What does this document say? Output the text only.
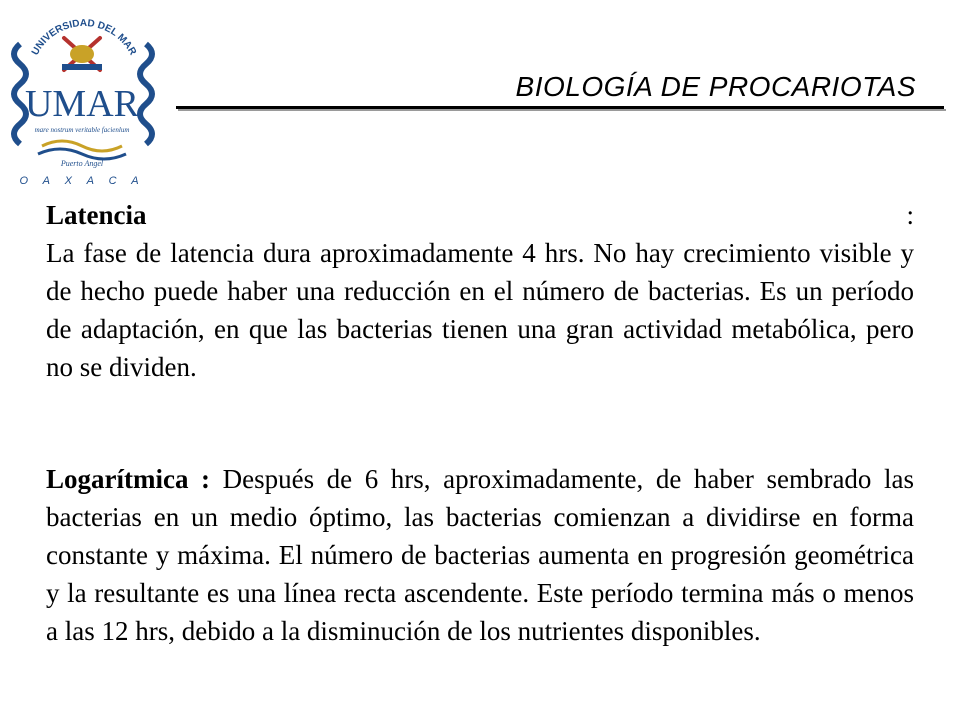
UNIVERSIDAD DEL MAR
UMAR
mare nostrum veritable facienlum
Puerto Angel
O A X A C A
BIOLOGÍA DE PROCARIOTAS
Latencia	:
La fase de latencia dura aproximadamente 4 hrs. No hay crecimiento visible y de hecho puede haber una reducción en el número de bacterias. Es un período de adaptación, en que las bacterias tienen una gran actividad metabólica, pero no se dividen.
Logarítmica : Después de 6 hrs, aproximadamente, de haber sembrado las bacterias en un medio óptimo, las bacterias comienzan a dividirse en forma constante y máxima. El número de bacterias aumenta en progresión geométrica y la resultante es una línea recta ascendente. Este período termina más o menos a las 12 hrs, debido a la disminución de los nutrientes disponibles.
